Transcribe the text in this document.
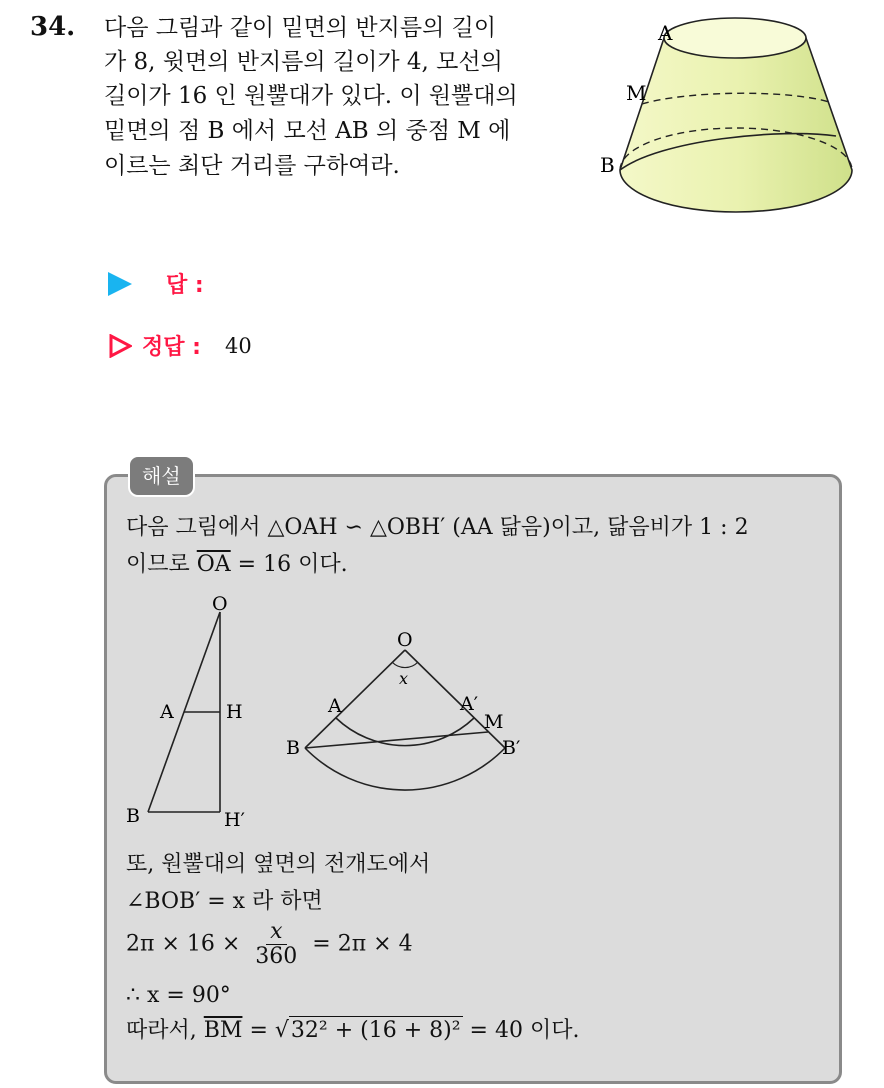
34. 다음 그림과 같이 밑면의 반지름의 길이
가 8, 윗면의 반지름의 길이가 4, 모선의
길이가 16 인 원뿔대가 있다. 이 원뿔대의
밑면의 점 B 에서 모선 AB 의 중점 M 에
이르는 최단 거리를 구하여라.
A
M
B
답 :
정답 : 40
해설
다음 그림에서 △OAH ∽ △OBH′ (AA 닮음)이고, 닮음비가 1 : 2
이므로 $\overline{OA} = 16$ 이다.
O
A	H
B	H′
O
x
A	A′
M
B	B′
또, 원뿔대의 옆면의 전개도에서
∠BOB′ = x 라 하면
$2\pi \times 16 \times \frac{x}{360} = 2\pi \times 4$
∴ x = 90°
따라서, $\overline{BM}$ = √ 32² + (16 + 8)² = 40 이다.
